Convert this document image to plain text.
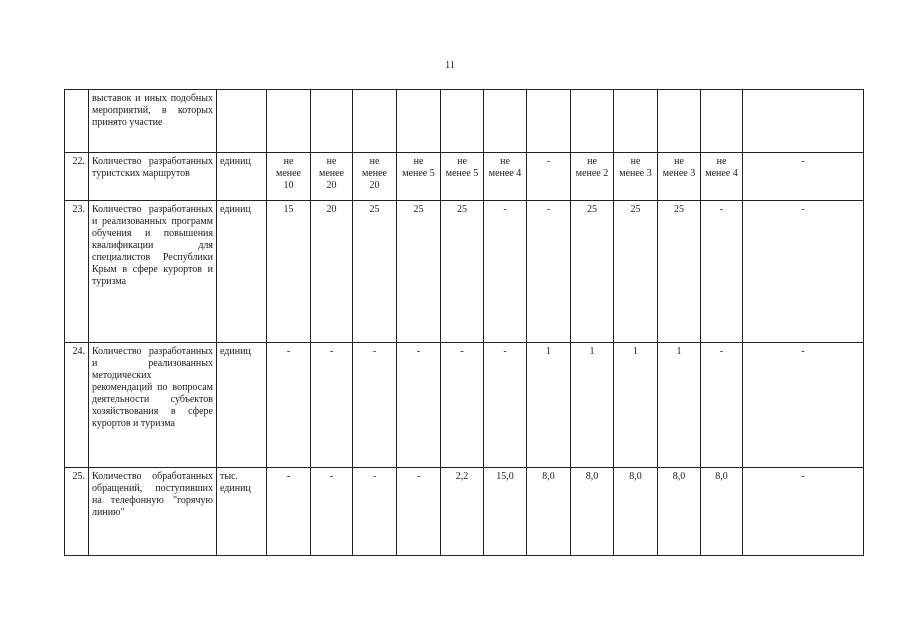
11
	выставок и иных подобных мероприятий, в которых принято участие													
22.	Количество разработанных туристских маршрутов	единиц	не менее 10	не менее 20	не менее 20	не менее 5	не менее 5	не менее 4	-	не менее 2	не менее 3	не менее 3	не менее 4	-
23.	Количество разработанных и реализованных программ обучения и повышения квалификации для специалистов Республики Крым в сфере курортов и туризма	единиц	15	20	25	25	25	-	-	25	25	25	-	-
24.	Количество разработанных и реализованных методических рекомендаций по вопросам деятельности субъектов хозяйствования в сфере курортов и туризма	единиц	-	-	-	-	-	-	1	1	1	1	-	-
25.	Количество обработанных обращений, поступивших на телефонную "горячую линию"	тыс. единиц	-	-	-	-	2,2	15,0	8,0	8,0	8,0	8,0	8,0	-
